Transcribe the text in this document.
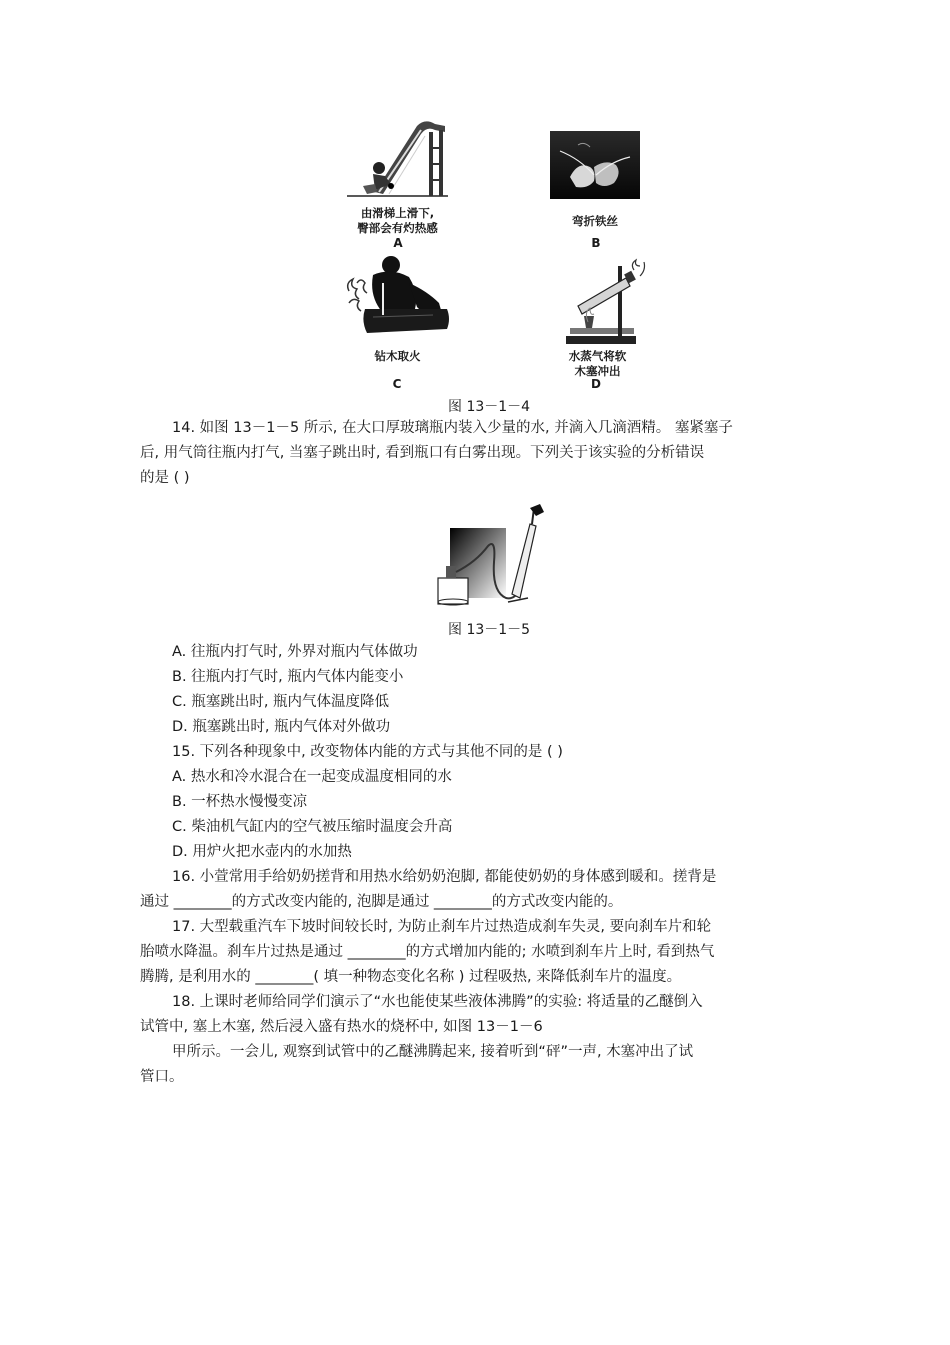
由滑梯上滑下,
臀部会有灼热感
A
弯折铁丝
B
钻木取火
C
水蒸气将软
木塞冲出
D
图 13－1－4
14. 如图 13－1－5 所示, 在大口厚玻璃瓶内装入少量的水, 并滴入几滴酒精。 塞紧塞子
后, 用气筒往瓶内打气, 当塞子跳出时, 看到瓶口有白雾出现。下列关于该实验的分析错误
的是 ( )
图 13－1－5
A. 往瓶内打气时, 外界对瓶内气体做功
B. 往瓶内打气时, 瓶内气体内能变小
C. 瓶塞跳出时, 瓶内气体温度降低
D. 瓶塞跳出时, 瓶内气体对外做功
15. 下列各种现象中, 改变物体内能的方式与其他不同的是 ( )
A. 热水和冷水混合在一起变成温度相同的水
B. 一杯热水慢慢变凉
C. 柴油机气缸内的空气被压缩时温度会升高
D. 用炉火把水壶内的水加热
16. 小萱常用手给奶奶搓背和用热水给奶奶泡脚, 都能使奶奶的身体感到暖和。搓背是
通过 ________的方式改变内能的, 泡脚是通过 ________的方式改变内能的。
17. 大型载重汽车下坡时间较长时, 为防止刹车片过热造成刹车失灵, 要向刹车片和轮
胎喷水降温。刹车片过热是通过 ________的方式增加内能的; 水喷到刹车片上时, 看到热气
腾腾, 是利用水的 ________( 填一种物态变化名称 ) 过程吸热, 来降低刹车片的温度。
18. 上课时老师给同学们演示了“水也能使某些液体沸腾”的实验: 将适量的乙醚倒入
试管中, 塞上木塞, 然后浸入盛有热水的烧杯中, 如图 13－1－6
甲所示。一会儿, 观察到试管中的乙醚沸腾起来, 接着听到“砰”一声, 木塞冲出了试
管口。
